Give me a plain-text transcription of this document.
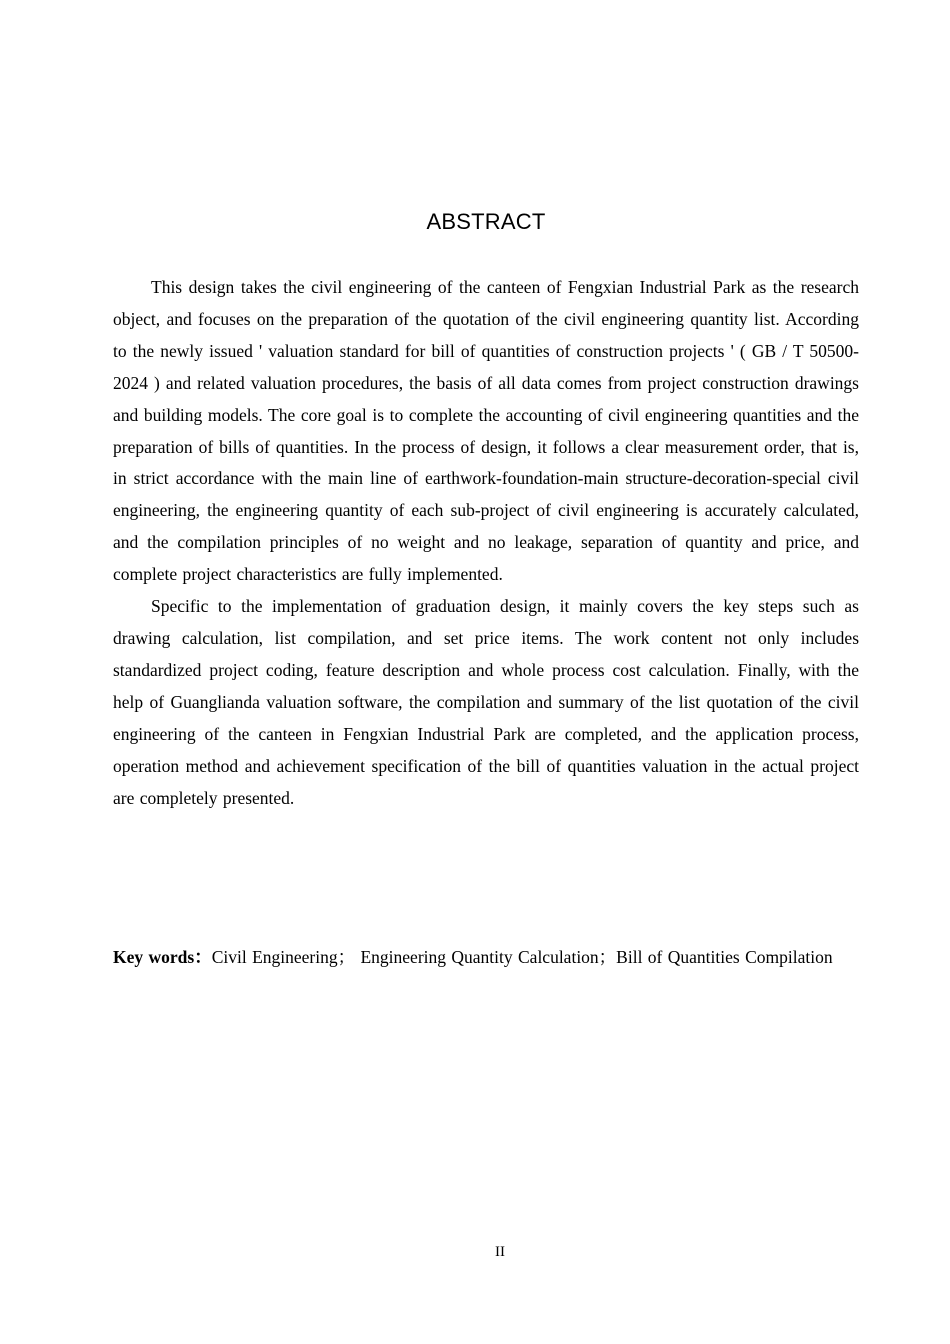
ABSTRACT

This design takes the civil engineering of the canteen of Fengxian Industrial Park as the research object, and focuses on the preparation of the quotation of the civil engineering quantity list. According to the newly issued ' valuation standard for bill of quantities of construction projects ' ( GB / T 50500-2024 ) and related valuation procedures, the basis of all data comes from project construction drawings and building models. The core goal is to complete the accounting of civil engineering quantities and the preparation of bills of quantities. In the process of design, it follows a clear measurement order, that is, in strict accordance with the main line of earthwork-foundation-main structure-decoration-special civil engineering, the engineering quantity of each sub-project of civil engineering is accurately calculated, and the compilation principles of no weight and no leakage, separation of quantity and price, and complete project characteristics are fully implemented.

Specific to the implementation of graduation design, it mainly covers the key steps such as drawing calculation, list compilation, and set price items. The work content not only includes standardized project coding, feature description and whole process cost calculation. Finally, with the help of Guanglianda valuation software, the compilation and summary of the list quotation of the civil engineering of the canteen in Fengxian Industrial Park are completed, and the application process, operation method and achievement specification of the bill of quantities valuation in the actual project are completely presented.

Key words：Civil Engineering； Engineering Quantity Calculation；Bill of Quantities Compilation

II
